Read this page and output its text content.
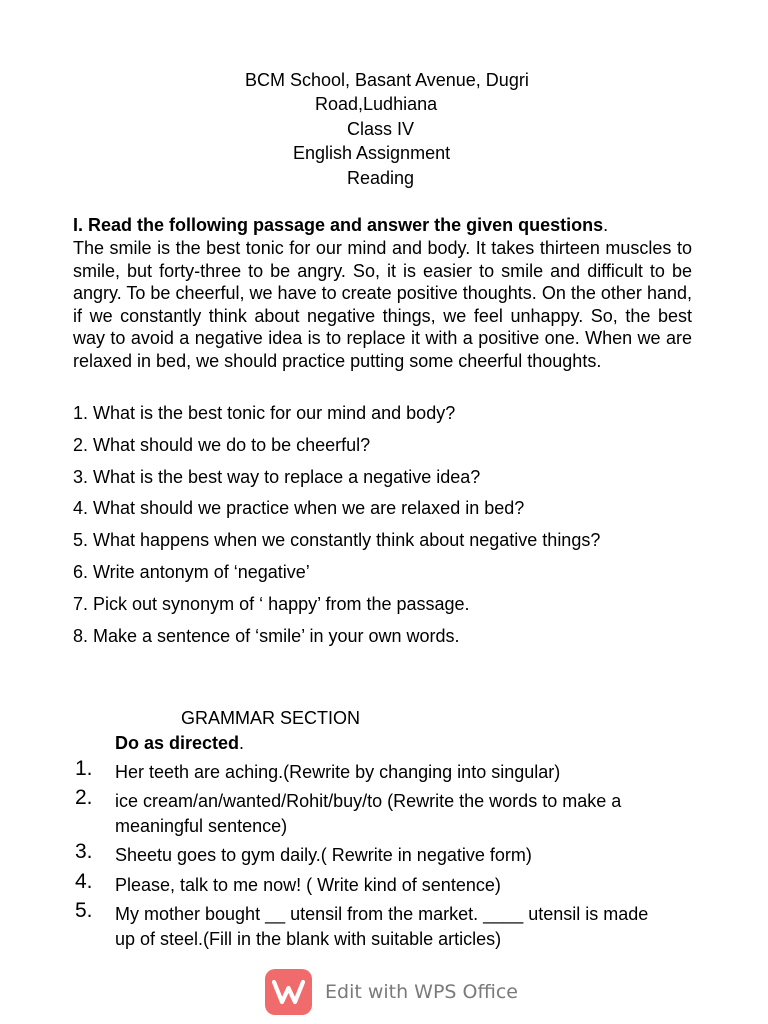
BCM School, Basant Avenue, Dugri
Road,Ludhiana
Class IV
English Assignment
Reading
I. Read the following passage and answer the given questions.

The smile is the best tonic for our mind and body. It takes thirteen muscles to smile, but forty-three to be angry. So, it is easier to smile and difficult to be angry. To be cheerful, we have to create positive thoughts. On the other hand, if we constantly think about negative things, we feel unhappy. So, the best way to avoid a negative idea is to replace it with a positive one. When we are relaxed in bed, we should practice putting some cheerful thoughts.

1. What is the best tonic for our mind and body?
2. What should we do to be cheerful?
3. What is the best way to replace a negative idea?
4. What should we practice when we are relaxed in bed?
5. What happens when we constantly think about negative things?
6. Write antonym of ‘negative’
7. Pick out synonym of ‘ happy’ from the passage.
8. Make a sentence of ‘smile’ in your own words.
GRAMMAR SECTION
Do as directed.
1. Her teeth are aching.(Rewrite by changing into singular)
2. ice cream/an/wanted/Rohit/buy/to (Rewrite the words to make a meaningful sentence)
3. Sheetu goes to gym daily.( Rewrite in negative form)
4. Please, talk to me now! ( Write kind of sentence)
5. My mother bought __ utensil from the market. ____ utensil is made up of steel.(Fill in the blank with suitable articles)
Edit with WPS Office
